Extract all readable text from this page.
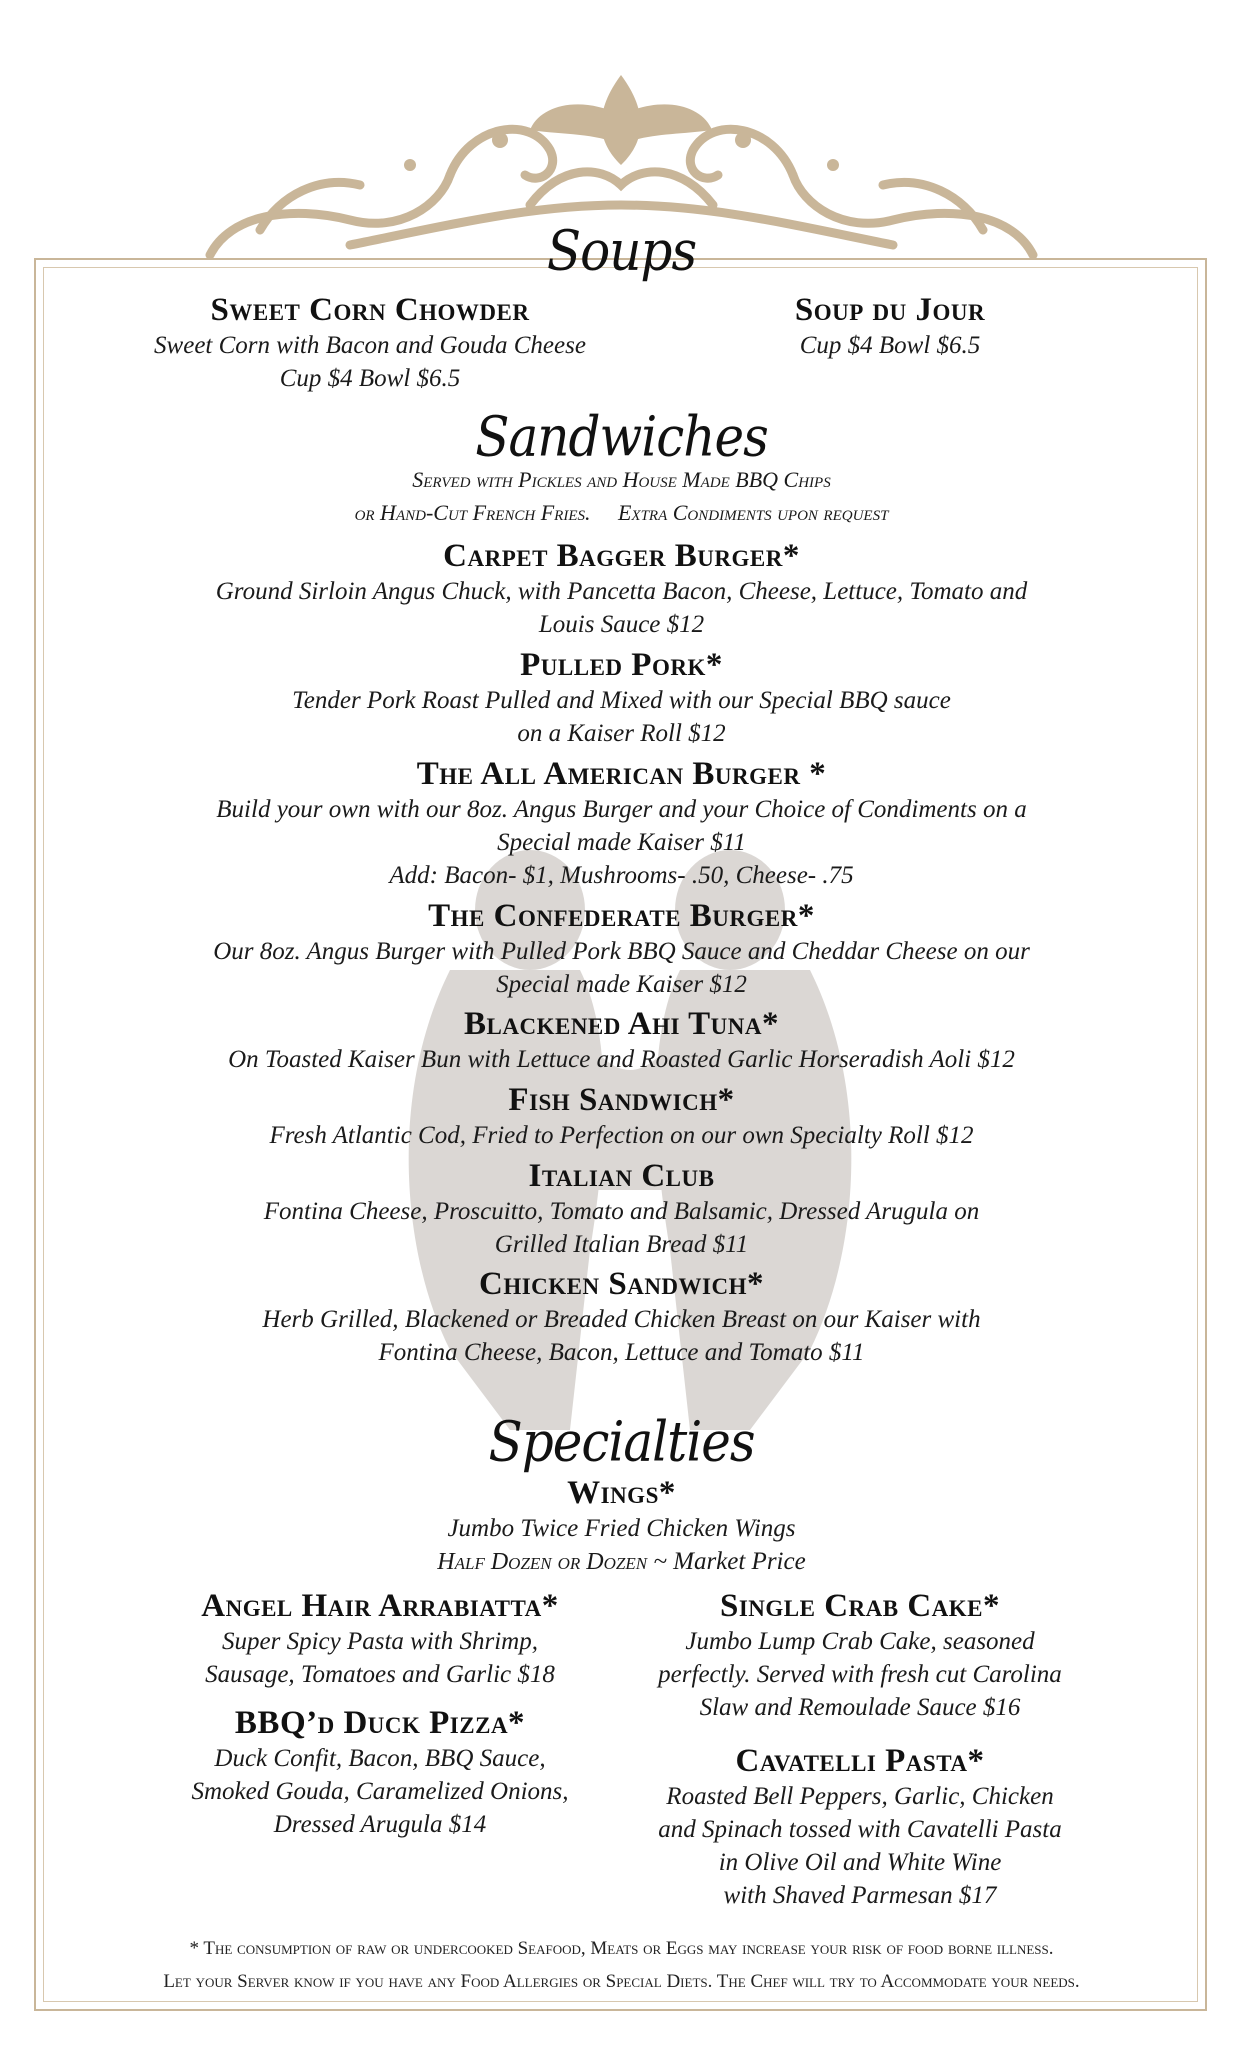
Soups
Sweet Corn Chowder
Sweet Corn with Bacon and Gouda Cheese
Cup $4 Bowl $6.5
Soup du Jour
Cup $4 Bowl $6.5
Sandwiches
Served with Pickles and House Made BBQ Chips
or Hand-Cut French Fries.     Extra Condiments upon request
Carpet Bagger Burger*
Ground Sirloin Angus Chuck, with Pancetta Bacon, Cheese, Lettuce, Tomato and
Louis Sauce $12
Pulled Pork*
Tender Pork Roast Pulled and Mixed with our Special BBQ sauce
on a Kaiser Roll $12
The All American Burger *
Build your own with our 8oz. Angus Burger and your Choice of Condiments on a
Special made Kaiser $11
Add: Bacon- $1, Mushrooms- .50, Cheese- .75
The Confederate Burger*
Our 8oz. Angus Burger with Pulled Pork BBQ Sauce and Cheddar Cheese on our
Special made Kaiser $12
Blackened Ahi Tuna*
On Toasted Kaiser Bun with Lettuce and Roasted Garlic Horseradish Aoli $12
Fish Sandwich*
Fresh Atlantic Cod, Fried to Perfection on our own Specialty Roll $12
Italian Club
Fontina Cheese, Proscuitto, Tomato and Balsamic, Dressed Arugula on
Grilled Italian Bread $11
Chicken Sandwich*
Herb Grilled, Blackened or Breaded Chicken Breast on our Kaiser with
Fontina Cheese, Bacon, Lettuce and Tomato $11
Specialties
Wings*
Jumbo Twice Fried Chicken Wings
Half Dozen or Dozen ~ Market Price
Angel Hair Arrabiatta*
Super Spicy Pasta with Shrimp,
Sausage, Tomatoes and Garlic $18
BBQ’d Duck Pizza*
Duck Confit, Bacon, BBQ Sauce,
Smoked Gouda, Caramelized Onions,
Dressed Arugula $14
Single Crab Cake*
Jumbo Lump Crab Cake, seasoned
perfectly. Served with fresh cut Carolina
Slaw and Remoulade Sauce $16
Cavatelli Pasta*
Roasted Bell Peppers, Garlic, Chicken
and Spinach tossed with Cavatelli Pasta
in Olive Oil and White Wine
with Shaved Parmesan $17
* The consumption of raw or undercooked Seafood, Meats or Eggs may increase your risk of food borne illness.
Let your Server know if you have any Food Allergies or Special Diets. The Chef will try to Accommodate your needs.
